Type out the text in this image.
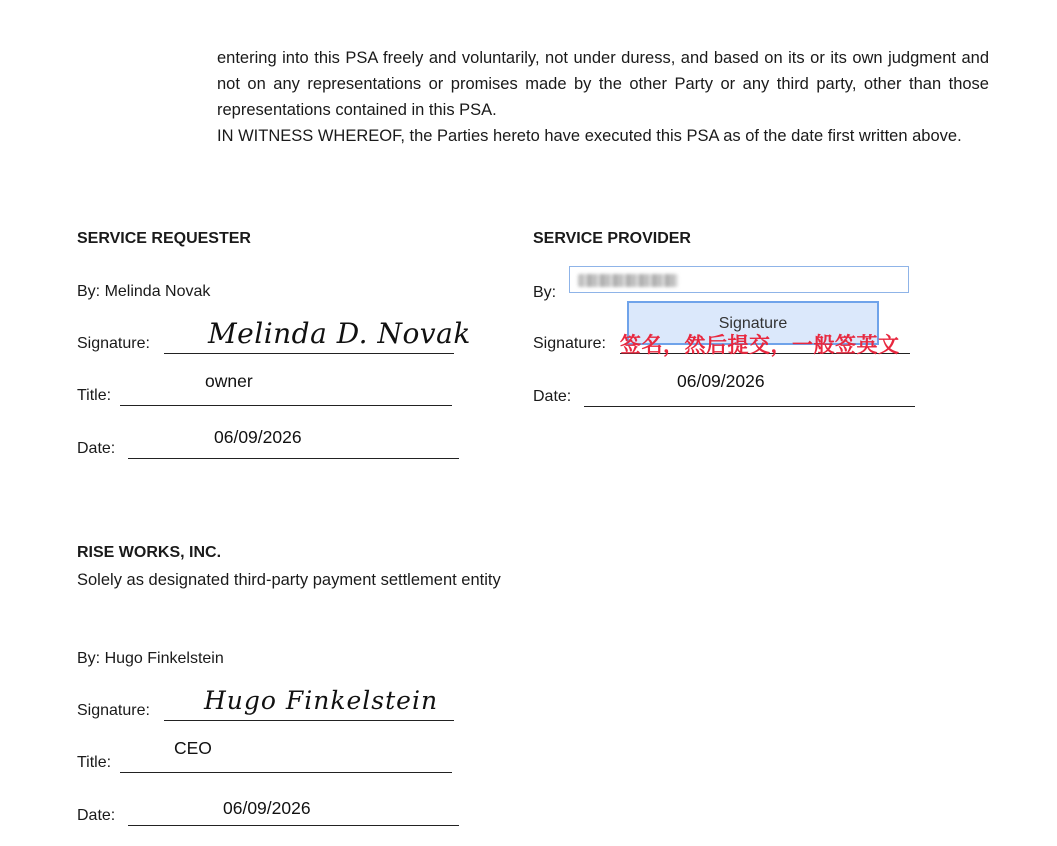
entering into this PSA freely and voluntarily, not under duress, and based on its or its own judgment and not on any representations or promises made by the other Party or any third party, other than those representations contained in this PSA.

IN WITNESS WHEREOF, the Parties hereto have executed this PSA as of the date first written above.

SERVICE REQUESTER
By: Melinda Novak
Signature: Melinda D. Novak
Title:
owner
Date:
06/09/2026
SERVICE PROVIDER
By:
Signature:
Signature
签名，然后提交，一般签英文
Date:
06/09/2026
RISE WORKS, INC.

Solely as designated third-party payment settlement entity

By: Hugo Finkelstein
Signature: Hugo Finkelstein
Title:
CEO
Date:	06/09/2026
